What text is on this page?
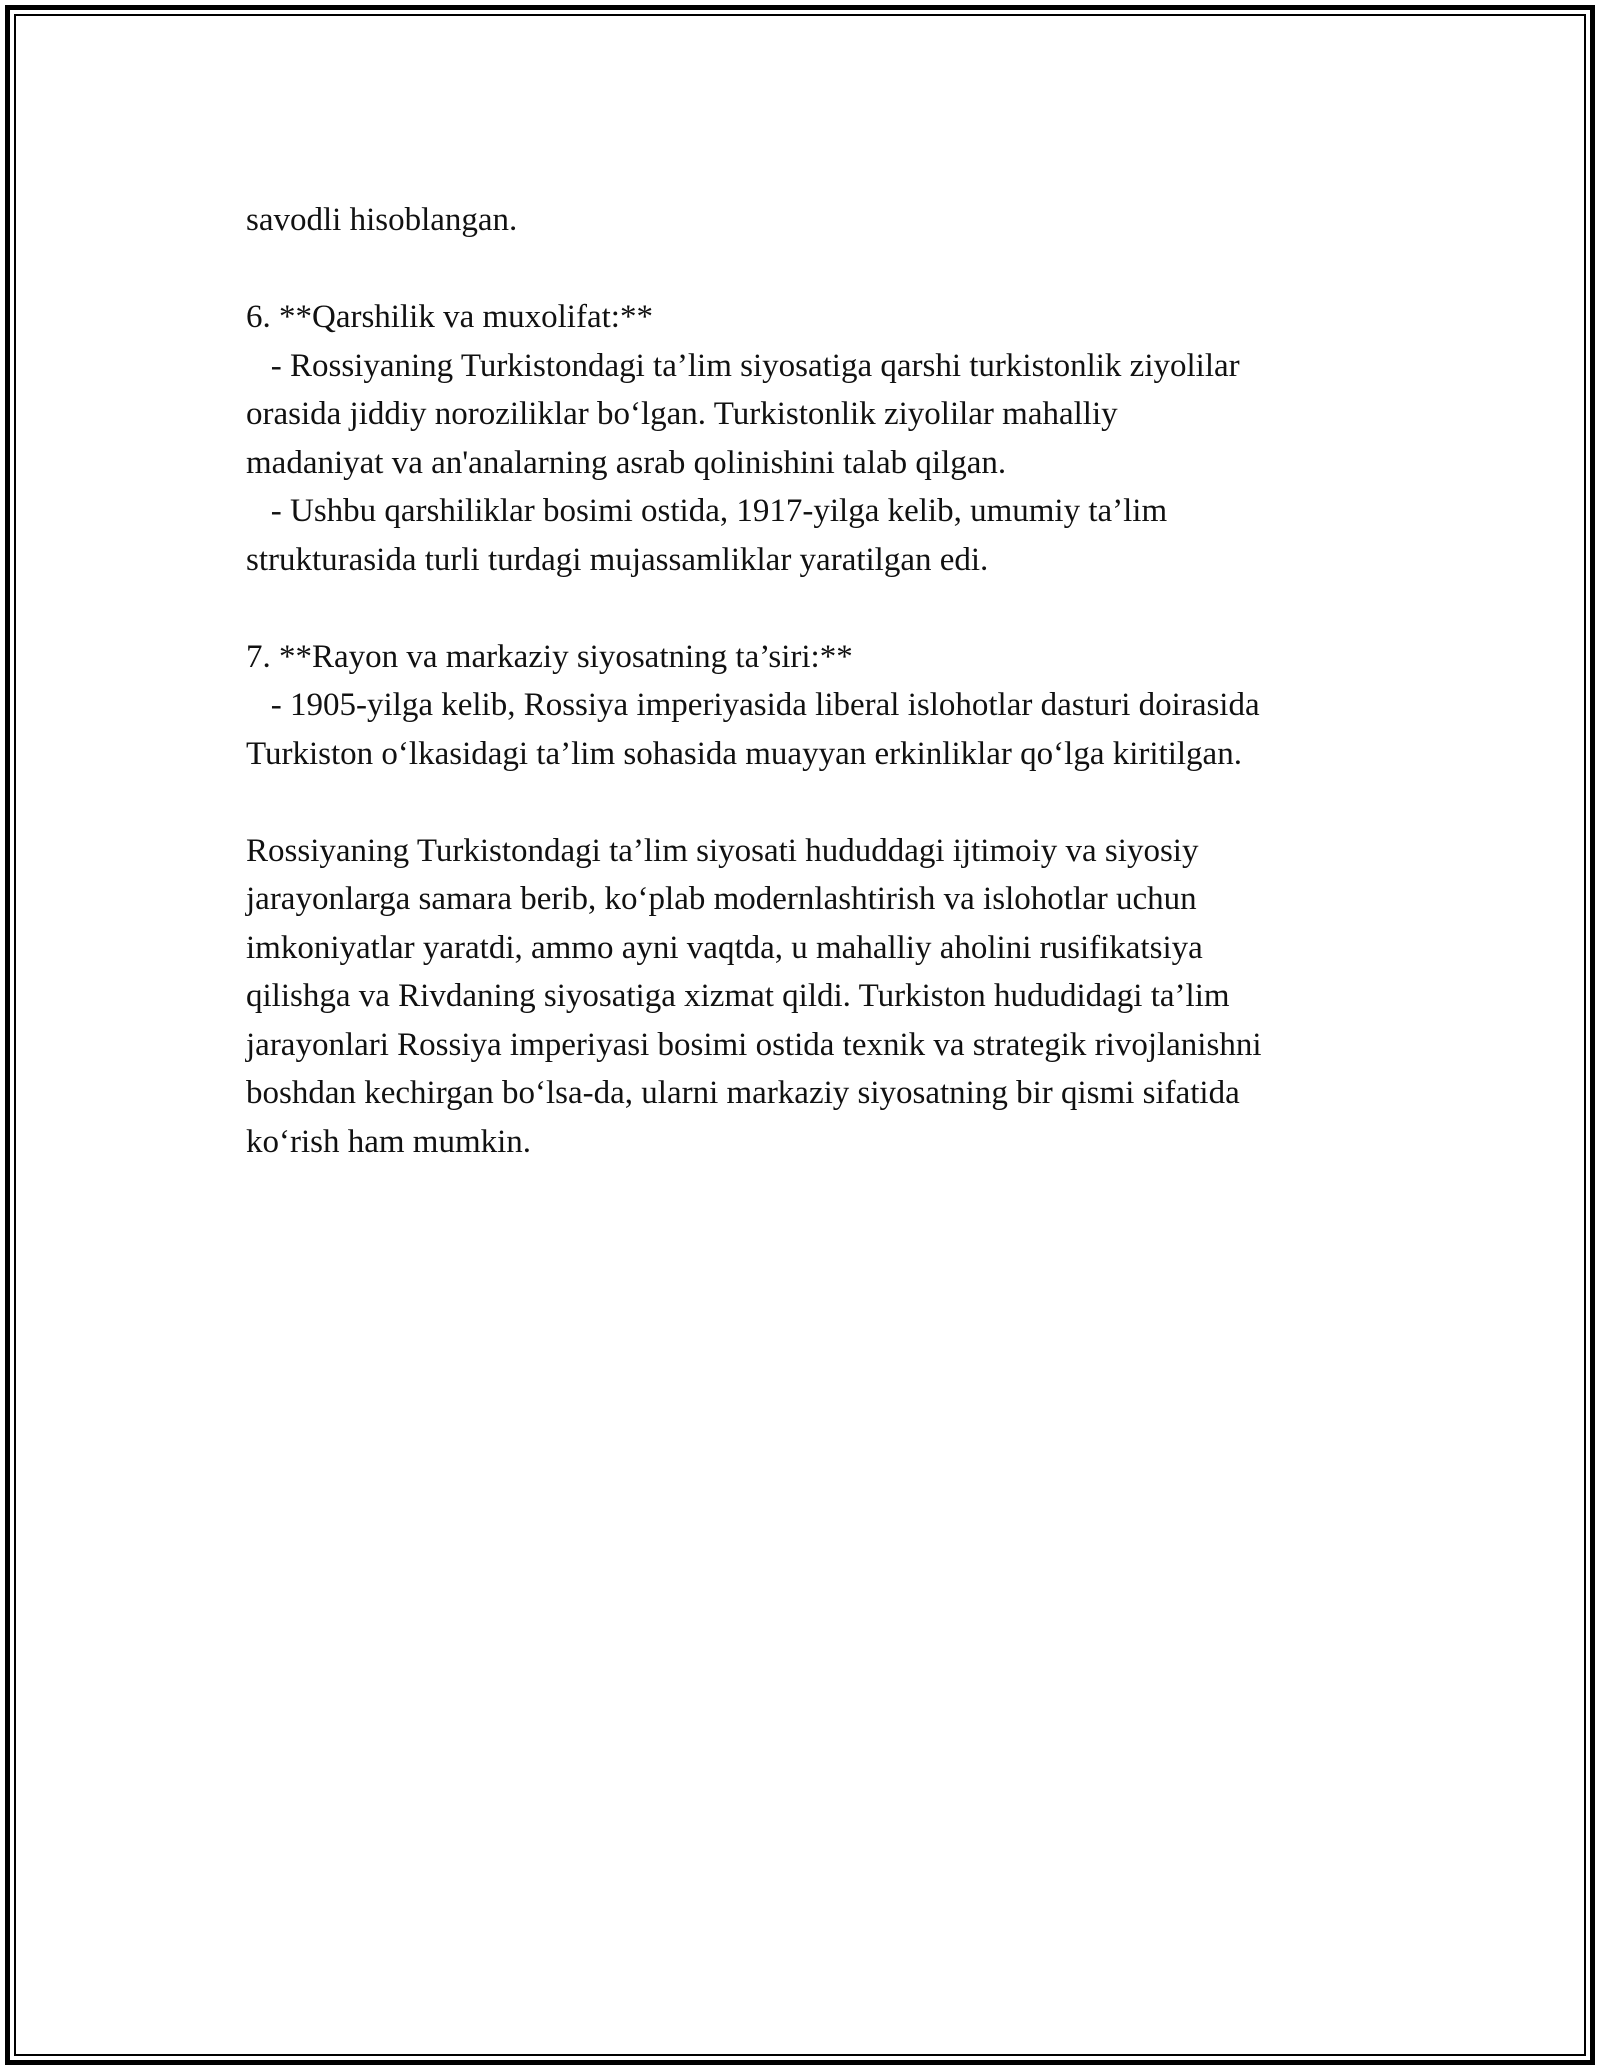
savodli hisoblangan.
6. **Qarshilik va muxolifat:**
- Rossiyaning Turkistondagi ta’lim siyosatiga qarshi turkistonlik ziyolilar
orasida jiddiy noroziliklar bo‘lgan. Turkistonlik ziyolilar mahalliy
madaniyat va an'analarning asrab qolinishini talab qilgan.
- Ushbu qarshiliklar bosimi ostida, 1917-yilga kelib, umumiy ta’lim
strukturasida turli turdagi mujassamliklar yaratilgan edi.
7. **Rayon va markaziy siyosatning ta’siri:**
- 1905-yilga kelib, Rossiya imperiyasida liberal islohotlar dasturi doirasida
Turkiston o‘lkasidagi ta’lim sohasida muayyan erkinliklar qo‘lga kiritilgan.
Rossiyaning Turkistondagi ta’lim siyosati hududdagi ijtimoiy va siyosiy
jarayonlarga samara berib, ko‘plab modernlashtirish va islohotlar uchun
imkoniyatlar yaratdi, ammo ayni vaqtda, u mahalliy aholini rusifikatsiya
qilishga va Rivdaning siyosatiga xizmat qildi. Turkiston hududidagi ta’lim
jarayonlari Rossiya imperiyasi bosimi ostida texnik va strategik rivojlanishni
boshdan kechirgan bo‘lsa-da, ularni markaziy siyosatning bir qismi sifatida
ko‘rish ham mumkin.
